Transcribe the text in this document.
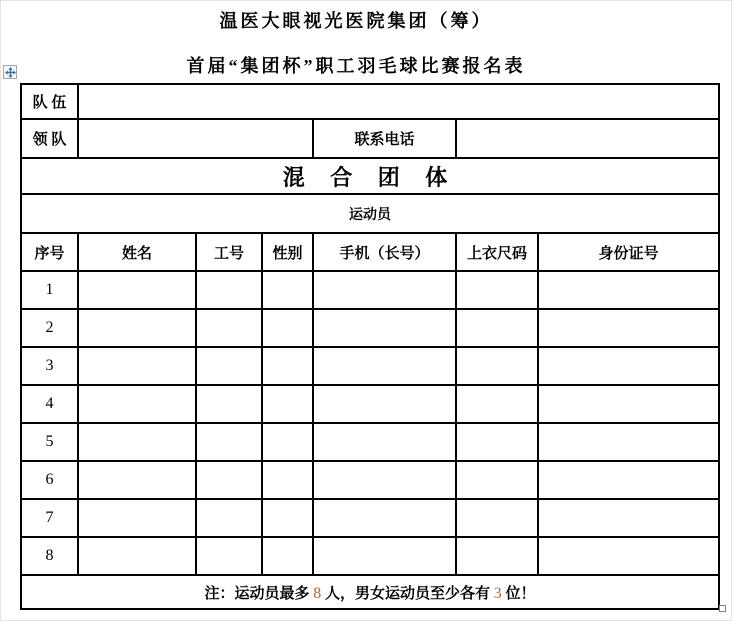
温医大眼视光医院集团（筹）
首届“集团杯”职工羽毛球比赛报名表
队 伍						
领 队				联系电话		
混 合 团 体						
运动员						
序号	姓名	工号	性别	手机（长号）	上衣尺码	身份证号
1						
2						
3						
4						
5						
6						
7						
8						
注：运动员最多 8 人，男女运动员至少各有 3 位！						
